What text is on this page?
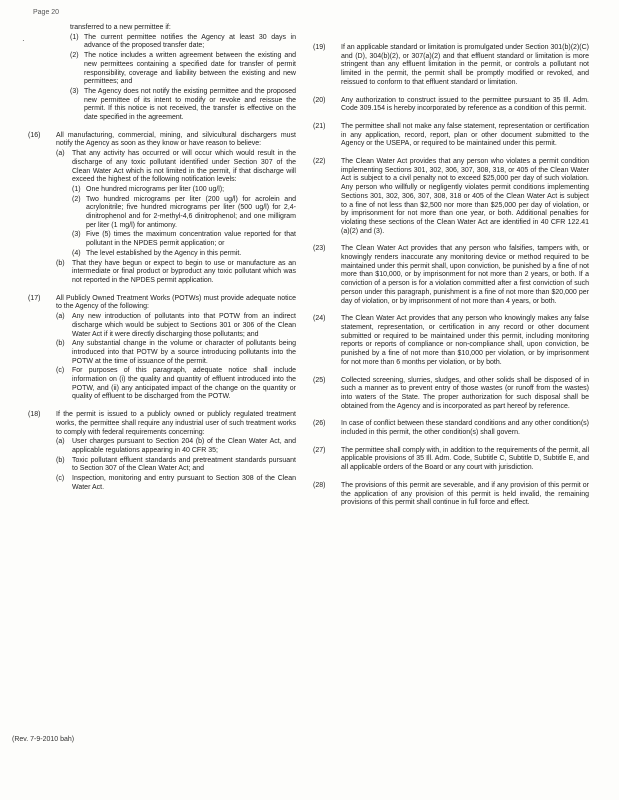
Page 20
·
transferred to a new permittee if:
(1) The current permittee notifies the Agency at least 30 days in advance of the proposed transfer date;
(2) The notice includes a written agreement between the existing and new permittees containing a specified date for transfer of permit responsibility, coverage and liability between the existing and new permittees; and
(3) The Agency does not notify the existing permittee and the proposed new permittee of its intent to modify or revoke and reissue the permit. If this notice is not received, the transfer is effective on the date specified in the agreement.
(16)	All manufacturing, commercial, mining, and silvicultural dischargers must notify the Agency as soon as they know or have reason to believe:
(a)	That any activity has occurred or will occur which would result in the discharge of any toxic pollutant identified under Section 307 of the Clean Water Act which is not limited in the permit, if that discharge will exceed the highest of the following notification levels:
(1) One hundred micrograms per liter (100 ug/l);
(2) Two hundred micrograms per liter (200 ug/l) for acrolein and acrylonitrile; five hundred micrograms per liter (500 ug/l) for 2,4-dinitrophenol and for 2-methyl-4,6 dinitrophenol; and one milligram per liter (1 mg/l) for antimony.
(3) Five (5) times the maximum concentration value reported for that pollutant in the NPDES permit application; or
(4) The level established by the Agency in this permit.
(b)	That they have begun or expect to begin to use or manufacture as an intermediate or final product or byproduct any toxic pollutant which was not reported in the NPDES permit application.
(17)	All Publicly Owned Treatment Works (POTWs) must provide adequate notice to the Agency of the following:
(a)	Any new introduction of pollutants into that POTW from an indirect discharge which would be subject to Sections 301 or 306 of the Clean Water Act if it were directly discharging those pollutants; and
(b)	Any substantial change in the volume or character of pollutants being introduced into that POTW by a source introducing pollutants into the POTW at the time of issuance of the permit.
(c)	For purposes of this paragraph, adequate notice shall include information on (i) the quality and quantity of effluent introduced into the POTW, and (ii) any anticipated impact of the change on the quantity or quality of effluent to be discharged from the POTW.
(18)	If the permit is issued to a publicly owned or publicly regulated treatment works, the permittee shall require any industrial user of such treatment works to comply with federal requirements concerning:
(a)	User charges pursuant to Section 204 (b) of the Clean Water Act, and applicable regulations appearing in 40 CFR 35;
(b)	Toxic pollutant effluent standards and pretreatment standards pursuant to Section 307 of the Clean Water Act; and
(c)	Inspection, monitoring and entry pursuant to Section 308 of the Clean Water Act.
(19)	If an applicable standard or limitation is promulgated under Section 301(b)(2)(C) and (D), 304(b)(2), or 307(a)(2) and that effluent standard or limitation is more stringent than any effluent limitation in the permit, or controls a pollutant not limited in the permit, the permit shall be promptly modified or revoked, and reissued to conform to that effluent standard or limitation.
(20)	Any authorization to construct issued to the permittee pursuant to 35 Ill. Adm. Code 309.154 is hereby incorporated by reference as a condition of this permit.
(21)	The permittee shall not make any false statement, representation or certification in any application, record, report, plan or other document submitted to the Agency or the USEPA, or required to be maintained under this permit.
(22)	The Clean Water Act provides that any person who violates a permit condition implementing Sections 301, 302, 306, 307, 308, 318, or 405 of the Clean Water Act is subject to a civil penalty not to exceed $25,000 per day of such violation. Any person who willfully or negligently violates permit conditions implementing Sections 301, 302, 306, 307, 308, 318 or 405 of the Clean Water Act is subject to a fine of not less than $2,500 nor more than $25,000 per day of violation, or by imprisonment for not more than one year, or both. Additional penalties for violating these sections of the Clean Water Act are identified in 40 CFR 122.41 (a)(2) and (3).
(23)	The Clean Water Act provides that any person who falsifies, tampers with, or knowingly renders inaccurate any monitoring device or method required to be maintained under this permit shall, upon conviction, be punished by a fine of not more than $10,000, or by imprisonment for not more than 2 years, or both. If a conviction of a person is for a violation committed after a first conviction of such person under this paragraph, punishment is a fine of not more than $20,000 per day of violation, or by imprisonment of not more than 4 years, or both.
(24)	The Clean Water Act provides that any person who knowingly makes any false statement, representation, or certification in any record or other document submitted or required to be maintained under this permit, including monitoring reports or reports of compliance or non-compliance shall, upon conviction, be punished by a fine of not more than $10,000 per violation, or by imprisonment for not more than 6 months per violation, or by both.
(25)	Collected screening, slurries, sludges, and other solids shall be disposed of in such a manner as to prevent entry of those wastes (or runoff from the wastes) into waters of the State. The proper authorization for such disposal shall be obtained from the Agency and is incorporated as part hereof by reference.
(26)	In case of conflict between these standard conditions and any other condition(s) included in this permit, the other condition(s) shall govern.
(27)	The permittee shall comply with, in addition to the requirements of the permit, all applicable provisions of 35 Ill. Adm. Code, Subtitle C, Subtitle D, Subtitle E, and all applicable orders of the Board or any court with jurisdiction.
(28)	The provisions of this permit are severable, and if any provision of this permit or the application of any provision of this permit is held invalid, the remaining provisions of this permit shall continue in full force and effect.
(Rev. 7-9-2010 bah)
